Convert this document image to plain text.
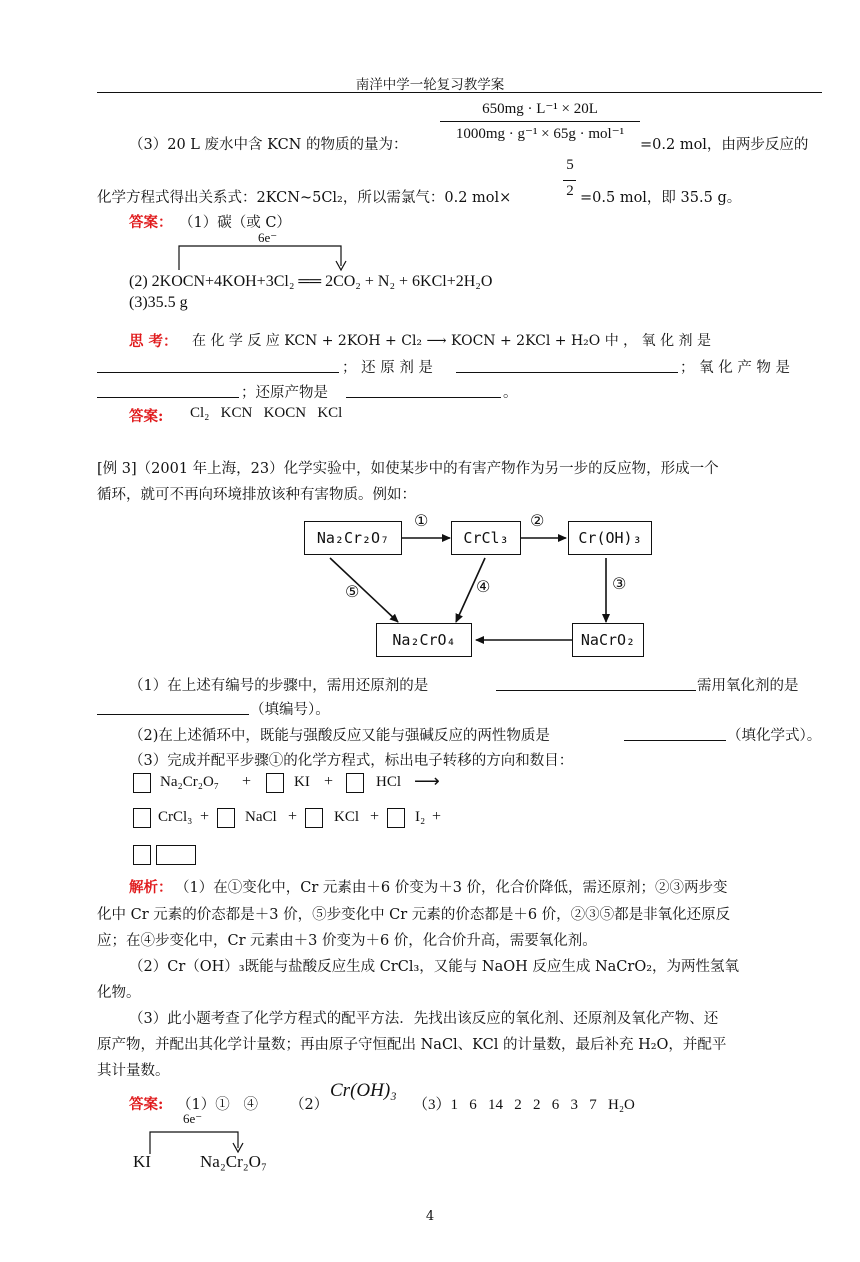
南洋中学一轮复习教学案
650mg · L⁻¹ × 20L
1000mg · g⁻¹ × 65g · mol⁻¹
（3）20 L 废水中含 KCN 的物质的量为：	=0.2 mol，由两步反应的
化学方程式得出关系式：2KCN~5Cl₂，所以需氯气：0.2 mol×
5
2 =0.5 mol，即 35.5 g。
答案： （1）碳（或 C）
6e⁻
(2) 2KOCN+4KOH+3Cl₂ ══ 2CO₂ + N₂ + 6KCl+2H₂O
(3)35.5 g
思 考： 在 化 学 反 应 KCN + 2KOH + Cl₂ ⟶ KOCN + 2KCl + H₂O 中 ， 氧 化 剂 是
； 还 原 剂 是	； 氧 化 产 物 是
；还原产物是	。
答案: Cl₂   KCN   KOCN   KCl
[例 3]（2001 年上海，23）化学实验中，如使某步中的有害产物作为另一步的反应物，形成一个
循环，就可不再向环境排放该种有害物质。例如：
Na₂Cr₂O₇	CrCl₃	Cr(OH)₃
Na₂CrO₄	NaCrO₂
①	②
③
④
⑤
（1）在上述有编号的步骤中，需用还原剂的是	需用氧化剂的是
（填编号）。
（2)在上述循环中，既能与强酸反应又能与强碱反应的两性物质是	（填化学式）。
（3）完成并配平步骤①的化学方程式，标出电子转移的方向和数目：
Na₂Cr₂O₇ +	KI +	HCl ⟶
CrCl₃ + NaCl + KCl + I₂ +
解析： （1）在①变化中，Cr 元素由＋6 价变为＋3 价，化合价降低，需还原剂；②③两步变
化中 Cr 元素的价态都是＋3 价，⑤步变化中 Cr 元素的价态都是＋6 价，②③⑤都是非氧化还原反
应；在④步变化中，Cr 元素由＋3 价变为＋6 价，化合价升高，需要氧化剂。
（2）Cr（OH）₃既能与盐酸反应生成 CrCl₃，又能与 NaOH 反应生成 NaCrO₂，为两性氢氧
化物。
（3）此小题考查了化学方程式的配平方法．先找出该反应的氧化剂、还原剂及氧化产物、还
原产物，并配出其化学计量数；再由原子守恒配出 NaCl、KCl 的计量数，最后补充 H₂O，并配平
其计量数。
答案: （1）①   ④ （2）
Cr(OH)₃
（3）1   6   14   2   2   6   3   7   H₂O
6e⁻
KI	Na₂Cr₂O₇
4
